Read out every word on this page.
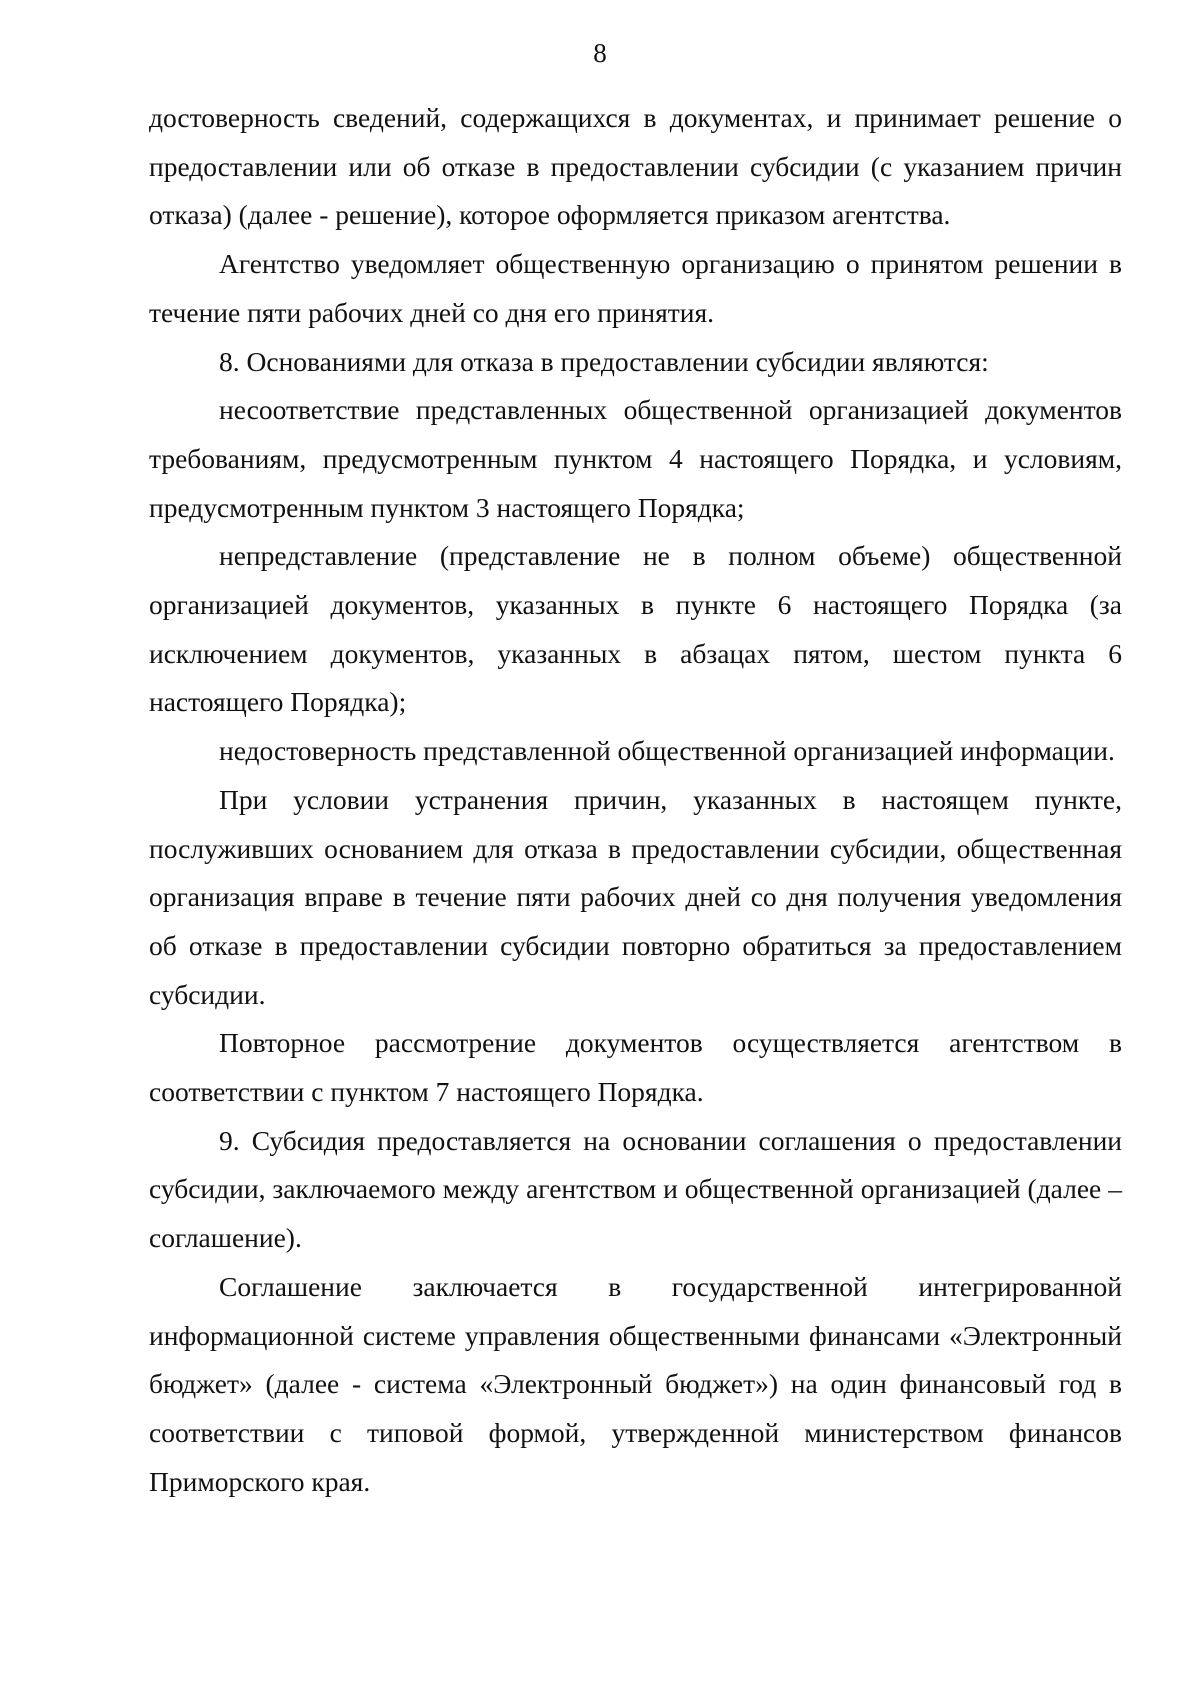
8

достоверность сведений, содержащихся в документах, и принимает решение о предоставлении или об отказе в предоставлении субсидии (с указанием причин отказа) (далее - решение), которое оформляется приказом агентства.

Агентство уведомляет общественную организацию о принятом решении в течение пяти рабочих дней со дня его принятия.

8. Основаниями для отказа в предоставлении субсидии являются:

несоответствие представленных общественной организацией документов требованиям, предусмотренным пунктом 4 настоящего Порядка, и условиям, предусмотренным пунктом 3 настоящего Порядка;

непредставление (представление не в полном объеме) общественной организацией документов, указанных в пункте 6 настоящего Порядка (за исключением документов, указанных в абзацах пятом, шестом пункта 6 настоящего Порядка);

недостоверность представленной общественной организацией информации.

При условии устранения причин, указанных в настоящем пункте, послуживших основанием для отказа в предоставлении субсидии, общественная организация вправе в течение пяти рабочих дней со дня получения уведомления об отказе в предоставлении субсидии повторно обратиться за предоставлением субсидии.

Повторное рассмотрение документов осуществляется агентством в соответствии с пунктом 7 настоящего Порядка.

9. Субсидия предоставляется на основании соглашения о предоставлении субсидии, заключаемого между агентством и общественной организацией (далее – соглашение).

Соглашение заключается в государственной интегрированной информационной системе управления общественными финансами «Электронный бюджет» (далее - система «Электронный бюджет») на один финансовый год в соответствии с типовой формой, утвержденной министерством финансов Приморского края.
